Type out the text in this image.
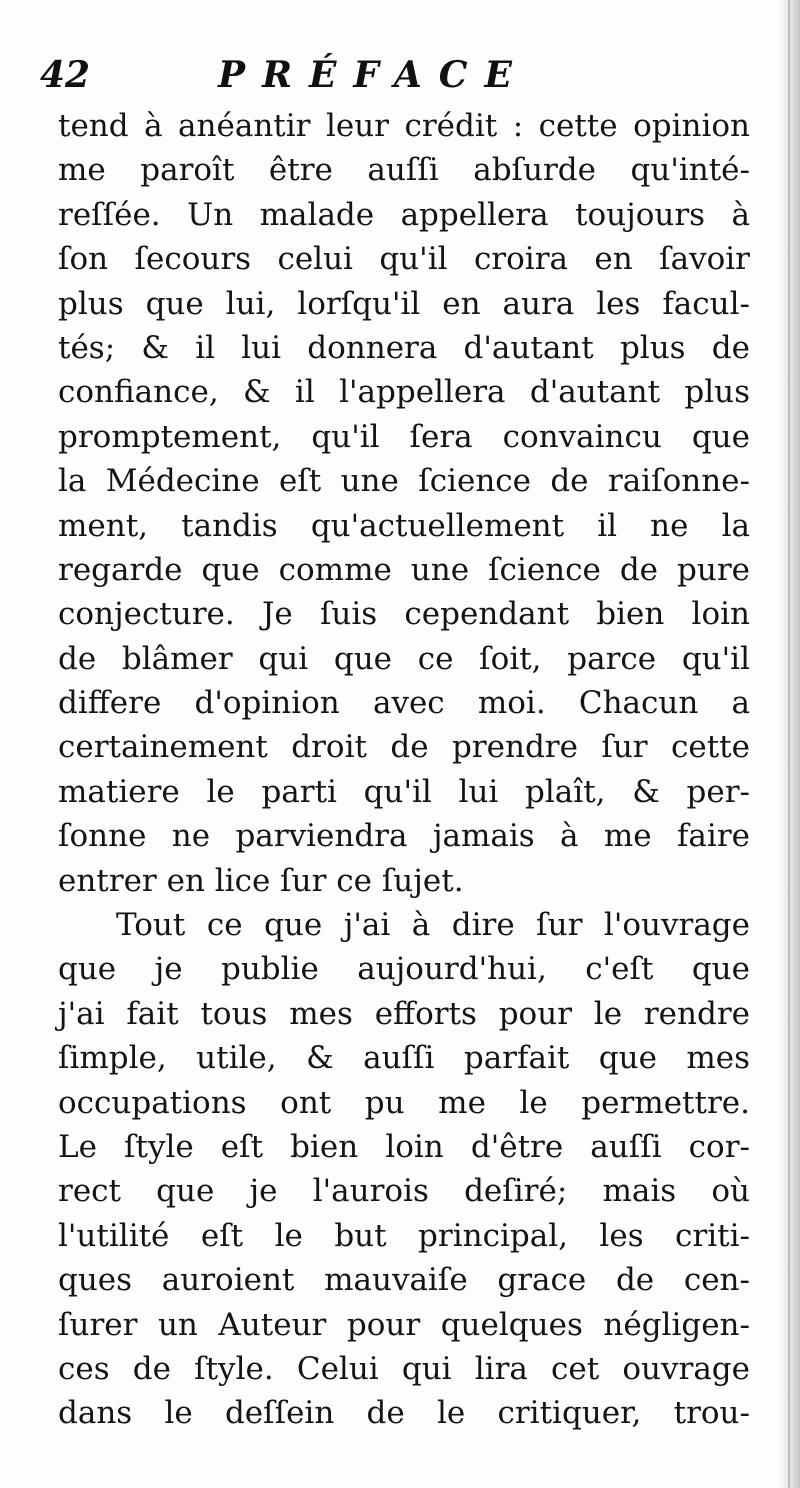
42	PRÉFACE
tend à anéantir leur crédit : cette opinion
me paroît être auſſi abſurde qu'inté-
reſſée. Un malade appellera toujours à
ſon ſecours celui qu'il croira en ſavoir
plus que lui, lorſqu'il en aura les facul-
tés; & il lui donnera d'autant plus de
confiance, & il l'appellera d'autant plus
promptement, qu'il ſera convaincu que
la Médecine eſt une ſcience de raiſonne-
ment, tandis qu'actuellement il ne la
regarde que comme une ſcience de pure
conjecture. Je ſuis cependant bien loin
de blâmer qui que ce ſoit, parce qu'il
differe d'opinion avec moi. Chacun a
certainement droit de prendre ſur cette
matiere le parti qu'il lui plaît, & per-
ſonne ne parviendra jamais à me faire
entrer en lice ſur ce ſujet.
Tout ce que j'ai à dire ſur l'ouvrage
que je publie aujourd'hui, c'eſt que
j'ai fait tous mes efforts pour le rendre
ſimple, utile, & auſſi parfait que mes
occupations ont pu me le permettre.
Le ſtyle eſt bien loin d'être auſſi cor-
rect que je l'aurois deſiré; mais où
l'utilité eſt le but principal, les criti-
ques auroient mauvaiſe grace de cen-
ſurer un Auteur pour quelques négligen-
ces de ſtyle. Celui qui lira cet ouvrage
dans le deſſein de le critiquer, trou-
